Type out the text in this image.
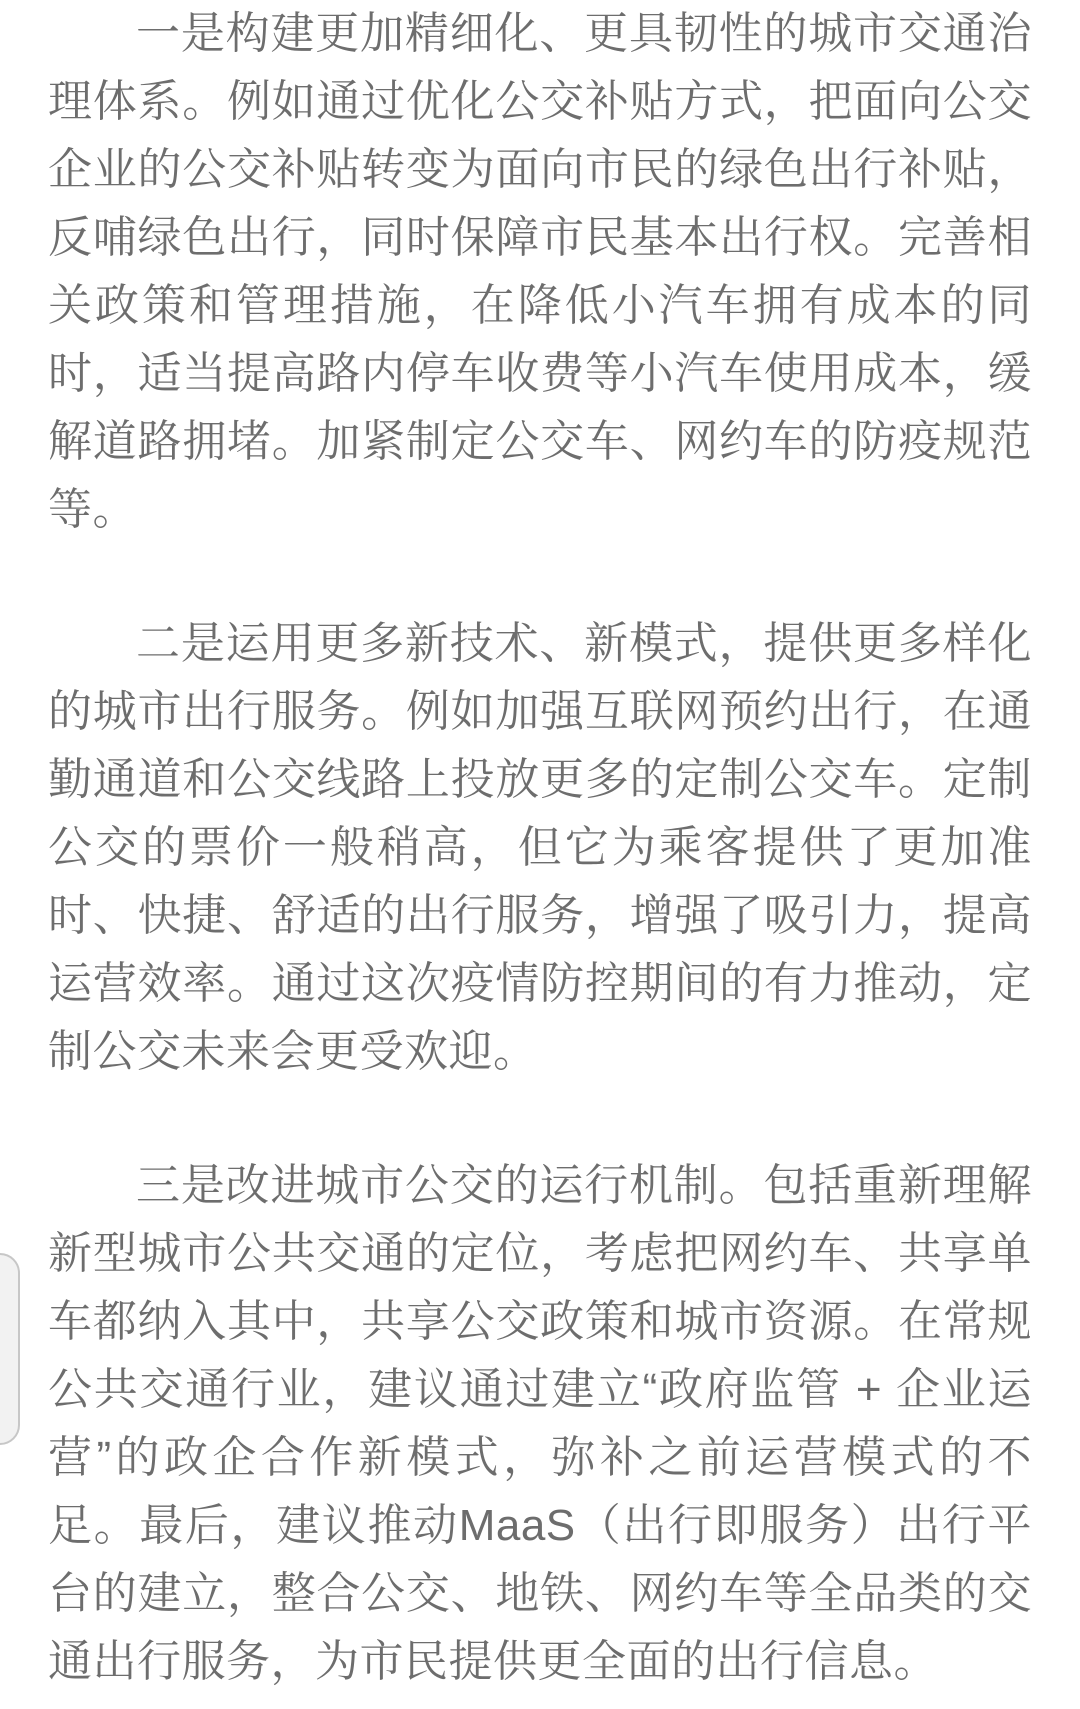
一是构建更加精细化、更具韧性的城市交通治理体系。例如通过优化公交补贴方式，把面向公交企业的公交补贴转变为面向市民的绿色出行补贴，反哺绿色出行，同时保障市民基本出行权。完善相关政策和管理措施，在降低小汽车拥有成本的同时，适当提高路内停车收费等小汽车使用成本，缓解道路拥堵。加紧制定公交车、网约车的防疫规范等。

二是运用更多新技术、新模式，提供更多样化的城市出行服务。例如加强互联网预约出行，在通勤通道和公交线路上投放更多的定制公交车。定制公交的票价一般稍高，但它为乘客提供了更加准时、快捷、舒适的出行服务，增强了吸引力，提高运营效率。通过这次疫情防控期间的有力推动，定制公交未来会更受欢迎。

三是改进城市公交的运行机制。包括重新理解新型城市公共交通的定位，考虑把网约车、共享单车都纳入其中，共享公交政策和城市资源。在常规公共交通行业，建议通过建立“政府监管 + 企业运营”的政企合作新模式，弥补之前运营模式的不足。最后，建议推动MaaS（出行即服务）出行平台的建立，整合公交、地铁、网约车等全品类的交通出行服务，为市民提供更全面的出行信息。
